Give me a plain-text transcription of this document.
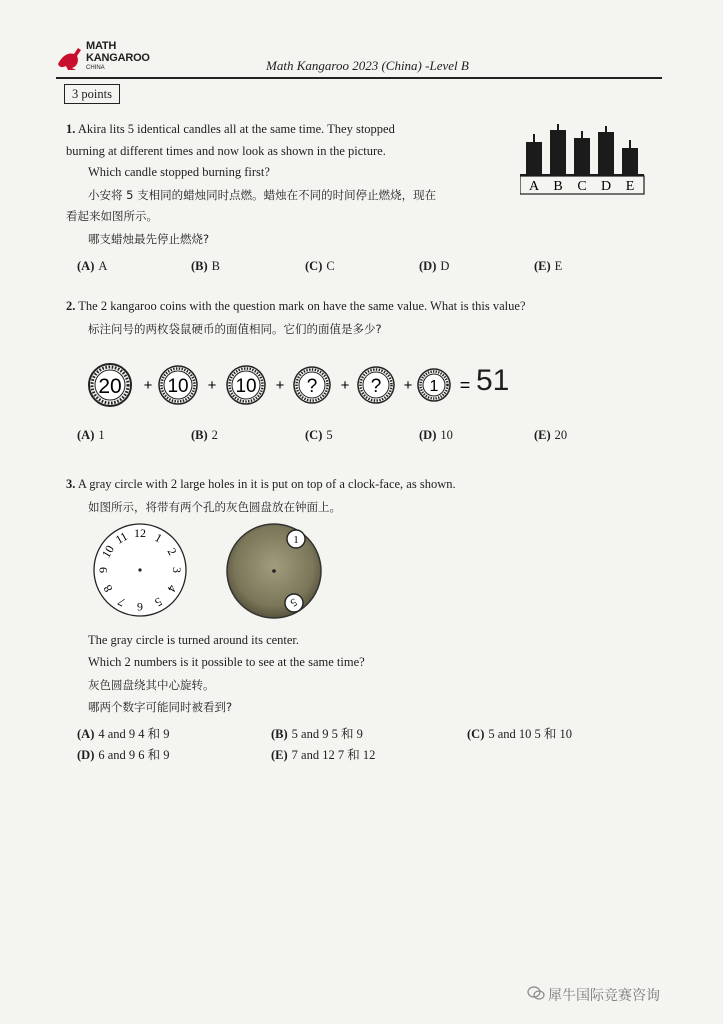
MATH
KANGAROO
CHINA	Math Kangaroo 2023 (China) -Level B
3 points
1. Akira lits 5 identical candles all at the same time. They stopped
burning at different times and now look as shown in the picture.
Which candle stopped burning first?
小安将 5 支相同的蜡烛同时点燃。蜡烛在不同的时间停止燃烧，现在
看起来如图所示。
哪支蜡烛最先停止燃烧?
A B C D E
(A) A	(B) B	(C) C	(D) D	(E) E
2. The 2 kangaroo coins with the question mark on have the same value. What is this value?
标注问号的两枚袋鼠硬币的面值相同。它们的面值是多少?
20 + 10 + 10 + ? + ? + 1 = 51
(A) 1	(B) 2	(C) 5	(D) 10	(E) 20
3. A gray circle with 2 large holes in it is put on top of a clock-face, as shown.
如图所示，将带有两个孔的灰色圆盘放在钟面上。
12 1
2
3
4
5
6
7
8
9
10
11	1
5
The gray circle is turned around its center.
Which 2 numbers is it possible to see at the same time?
灰色圆盘绕其中心旋转。
哪两个数字可能同时被看到?
(A) 4 and 9 4 和 9	(B) 5 and 9 5 和 9	(C) 5 and 10 5 和 10
(D) 6 and 9 6 和 9	(E) 7 and 12 7 和 12
犀牛国际竞赛咨询
